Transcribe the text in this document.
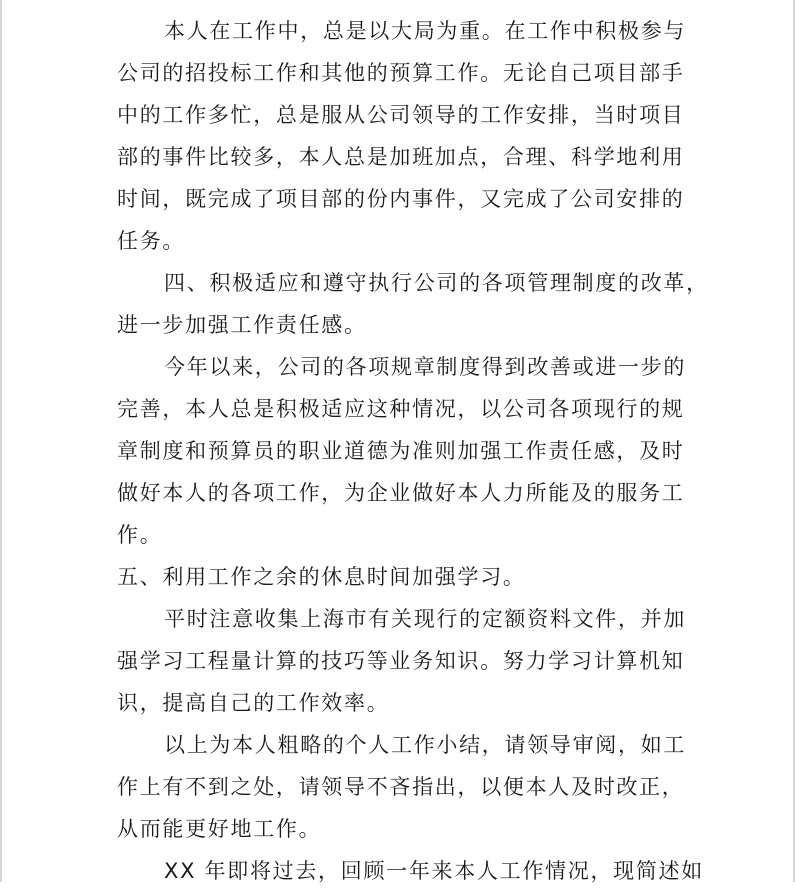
本人在工作中，总是以大局为重。在工作中积极参与
公司的招投标工作和其他的预算工作。无论自己项目部手
中的工作多忙，总是服从公司领导的工作安排，当时项目
部的事件比较多，本人总是加班加点，合理、科学地利用
时间，既完成了项目部的份内事件，又完成了公司安排的
任务。
四、积极适应和遵守执行公司的各项管理制度的改革，
进一步加强工作责任感。
今年以来，公司的各项规章制度得到改善或进一步的
完善，本人总是积极适应这种情况，以公司各项现行的规
章制度和预算员的职业道德为准则加强工作责任感，及时
做好本人的各项工作，为企业做好本人力所能及的服务工
作。
五、利用工作之余的休息时间加强学习。
平时注意收集上海市有关现行的定额资料文件，并加
强学习工程量计算的技巧等业务知识。努力学习计算机知
识，提高自己的工作效率。
以上为本人粗略的个人工作小结，请领导审阅，如工
作上有不到之处，请领导不吝指出，以便本人及时改正，
从而能更好地工作。
XX 年即将过去，回顾一年来本人工作情况，现简述如
